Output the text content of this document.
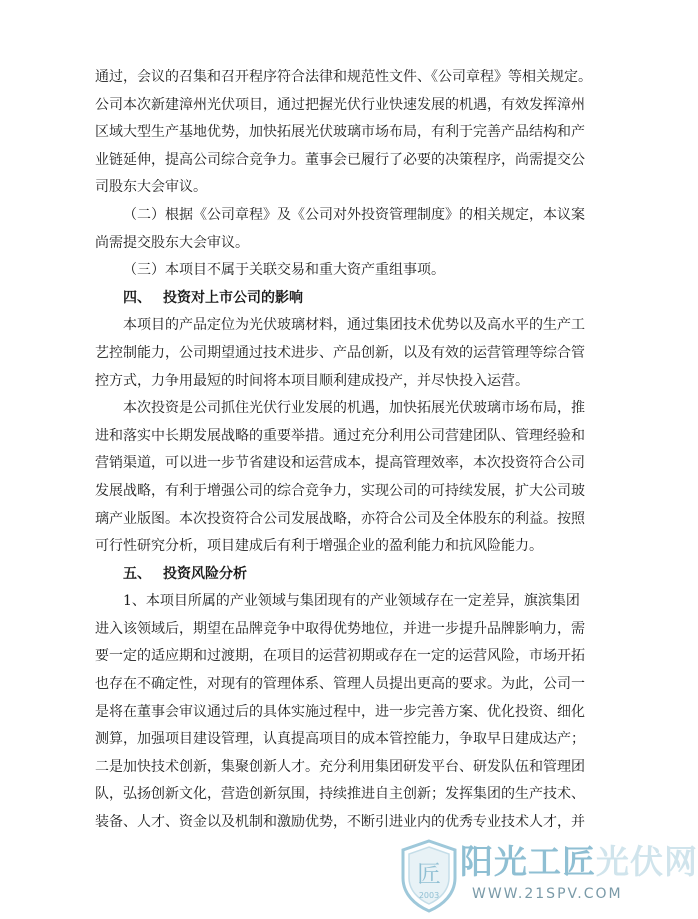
通过，会议的召集和召开程序符合法律和规范性文件、《公司章程》等相关规定。
公司本次新建漳州光伏项目，通过把握光伏行业快速发展的机遇，有效发挥漳州
区域大型生产基地优势，加快拓展光伏玻璃市场布局，有利于完善产品结构和产
业链延伸，提高公司综合竞争力。董事会已履行了必要的决策程序，尚需提交公
司股东大会审议。
（二）根据《公司章程》及《公司对外投资管理制度》的相关规定，本议案
尚需提交股东大会审议。
（三）本项目不属于关联交易和重大资产重组事项。
四、 投资对上市公司的影响
本项目的产品定位为光伏玻璃材料，通过集团技术优势以及高水平的生产工
艺控制能力，公司期望通过技术进步、产品创新，以及有效的运营管理等综合管
控方式，力争用最短的时间将本项目顺利建成投产，并尽快投入运营。
本次投资是公司抓住光伏行业发展的机遇，加快拓展光伏玻璃市场布局，推
进和落实中长期发展战略的重要举措。通过充分利用公司营建团队、管理经验和
营销渠道，可以进一步节省建设和运营成本，提高管理效率，本次投资符合公司
发展战略，有利于增强公司的综合竞争力，实现公司的可持续发展，扩大公司玻
璃产业版图。本次投资符合公司发展战略，亦符合公司及全体股东的利益。按照
可行性研究分析，项目建成后有利于增强企业的盈利能力和抗风险能力。
五、 投资风险分析
1、本项目所属的产业领域与集团现有的产业领域存在一定差异，旗滨集团
进入该领域后，期望在品牌竞争中取得优势地位，并进一步提升品牌影响力，需
要一定的适应期和过渡期，在项目的运营初期或存在一定的运营风险，市场开拓
也存在不确定性，对现有的管理体系、管理人员提出更高的要求。为此，公司一
是将在董事会审议通过后的具体实施过程中，进一步完善方案、优化投资、细化
测算，加强项目建设管理，认真提高项目的成本管控能力，争取早日建成达产；
二是加快技术创新，集聚创新人才。充分利用集团研发平台、研发队伍和管理团
队，弘扬创新文化，营造创新氛围，持续推进自主创新；发挥集团的生产技术、
装备、人才、资金以及机制和激励优势，不断引进业内的优秀专业技术人才，并
匠
2003
阳光工匠光伏网
WWW.21SPV.COM
